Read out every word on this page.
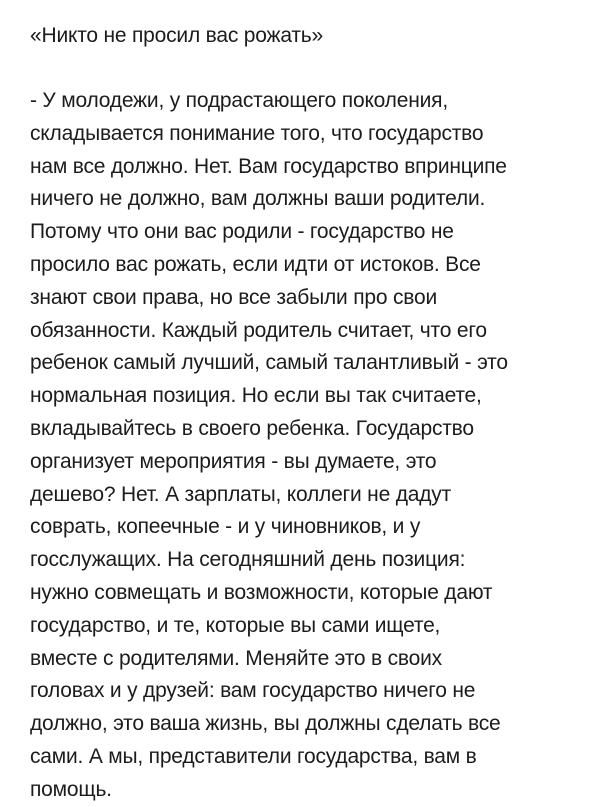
«Никто не просил вас рожать»
- У молодежи, у подрастающего поколения,
складывается понимание того, что государство
нам все должно. Нет. Вам государство впринципе
ничего не должно, вам должны ваши родители.
Потому что они вас родили - государство не
просило вас рожать, если идти от истоков. Все
знают свои права, но все забыли про свои
обязанности. Каждый родитель считает, что его
ребенок самый лучший, самый талантливый - это
нормальная позиция. Но если вы так считаете,
вкладывайтесь в своего ребенка. Государство
организует мероприятия - вы думаете, это
дешево? Нет. А зарплаты, коллеги не дадут
соврать, копеечные - и у чиновников, и у
госслужащих. На сегодняшний день позиция:
нужно совмещать и возможности, которые дают
государство, и те, которые вы сами ищете,
вместе с родителями. Меняйте это в своих
головах и у друзей: вам государство ничего не
должно, это ваша жизнь, вы должны сделать все
сами. А мы, представители государства, вам в
помощь.
